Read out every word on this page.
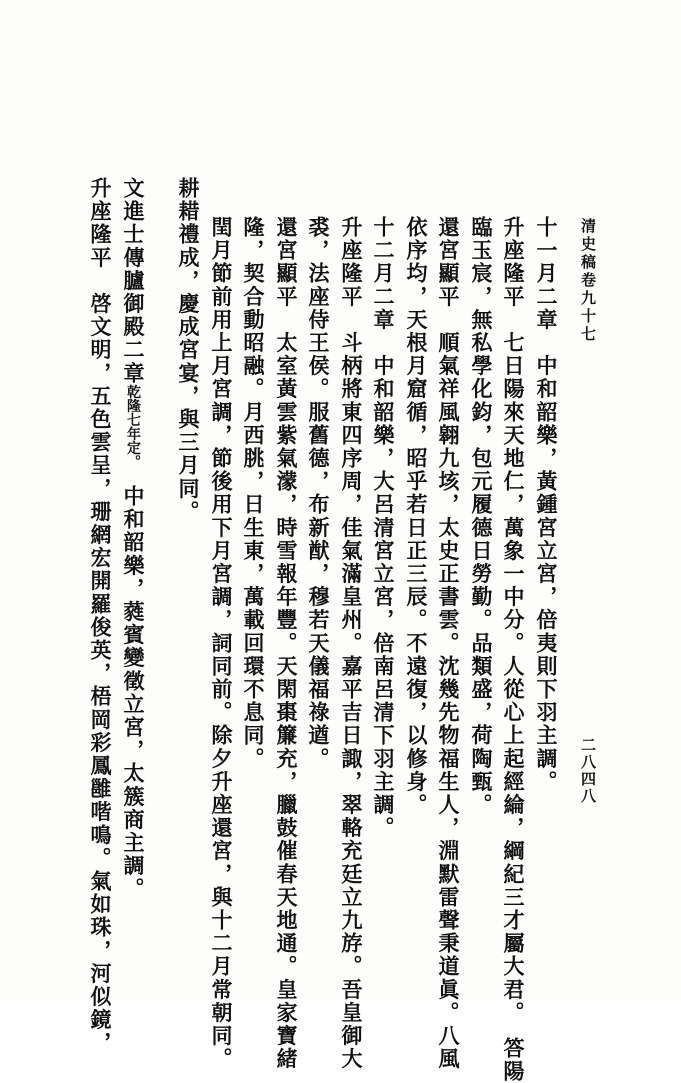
清史稿卷九十七
二八四八
十一月二章　中和韶樂，黃鍾宮立宮，倍夷則下羽主調。
升座隆平　七日陽來天地仁，萬象一中分。人從心上起經綸，綱紀三才屬大君。　答陽
臨玉宸，無私學化鈞，包元履德日勞勤。品類盛，荷陶甄。
還宮顯平　順氣祥風翱九垓，太史正書雲。沈幾先物福生人，淵默雷聲秉道眞。八風
依序均，天根月窟循，昭乎若日正三辰。不遠復，以修身。
十二月二章　中和韶樂，大呂清宮立宮，倍南呂清下羽主調。
升座隆平　斗柄將東四序周，佳氣滿皇州。嘉平吉日諏，翠輅充廷立九斿。吾皇御大
裘，法座侍王侯。服舊德，布新猷，穆若天儀福祿遒。
還宮顯平　太室黃雲紫氣濛，時雪報年豐。天閑棗簾充，臘鼓催春天地通。皇家寶緒
隆，契合動昭融。月西朓，日生東，萬載回環不息同。
閏月節前用上月宮調，節後用下月宮調，詞同前。除夕升座還宮，與十二月常朝同。
耕耤禮成，慶成宮宴，與三月同。
文進士傳臚御殿二章乾隆七年定。　中和韶樂，蕤賓變徵立宮，太簇商主調。
升座隆平　啓文明，五色雲呈，珊網宏開羅俊英，梧岡彩鳳雝喈鳴。氣如珠，河似鏡，
